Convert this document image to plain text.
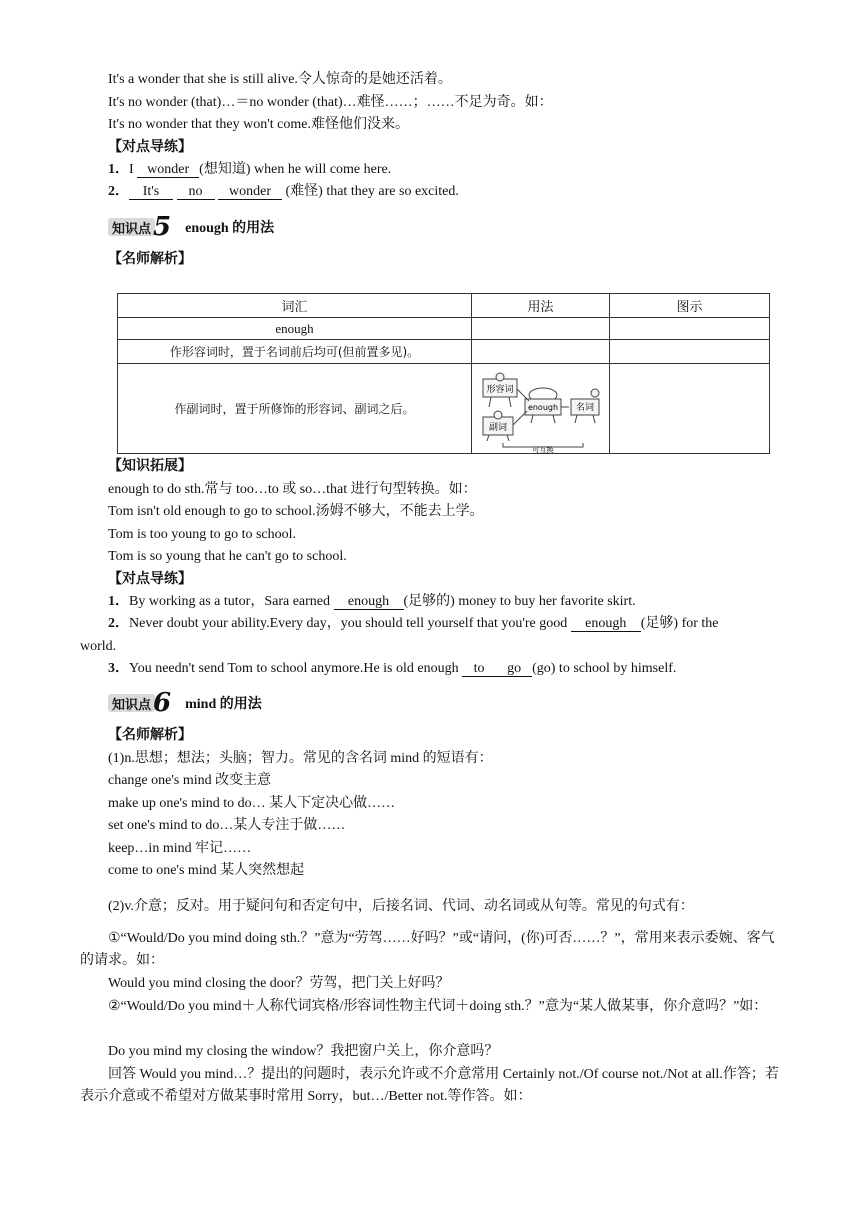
It's a wonder that she is still alive.令人惊奇的是她还活着。
It's no wonder (that)…＝no wonder (that)…难怪……；……不足为奇。如：
It's no wonder that they won't come.难怪他们没来。
【对点导练】
1．I wonder (想知道) when he will come here.
2． It's no wonder (难怪) that they are so excited.
知识点 5 enough 的用法
【名师解析】
词汇	用法	图示
enough		
作形容词时，置于名词前后均可(但前置多见)。		
作副词时，置于所修饰的形容词、副词之后。	形容词
副词
enough 名词
可互换	

【知识拓展】
enough to do sth.常与 too…to 或 so…that 进行句型转换。如：
Tom isn't old enough to go to school.汤姆不够大，不能去上学。
Tom is too young to go to school.
Tom is so young that he can't go to school.
【对点导练】
1．By working as a tutor，Sara earned enough (足够的) money to buy her favorite skirt.
2．Never doubt your ability.Every day，you should tell yourself that you're good enough (足够) for the
world.
3．You needn't send Tom to school anymore.He is old enough to go (go) to school by himself.
知识点 6 mind 的用法
【名师解析】
(1)n.思想；想法；头脑；智力。常见的含名词 mind 的短语有：
change one's mind 改变主意
make up one's mind to do… 某人下定决心做……
set one's mind to do…某人专注于做……
keep…in mind 牢记……
come to one's mind 某人突然想起
(2)v.介意；反对。用于疑问句和否定句中，后接名词、代词、动名词或从句等。常见的句式有：
①“Would/Do you mind doing sth.？”意为“劳驾……好吗？”或“请问，(你)可否……？”，常用来表示委婉、客气的请求。如：
Would you mind closing the door？劳驾，把门关上好吗？
②“Would/Do you mind＋人称代词宾格/形容词性物主代词＋doing sth.？”意为“某人做某事，你介意吗？”如：
Do you mind my closing the window？我把窗户关上，你介意吗？
回答 Would you mind…？提出的问题时，表示允许或不介意常用 Certainly not./Of course not./Not at all.作答；若表示介意或不希望对方做某事时常用 Sorry，but…/Better not.等作答。如：
